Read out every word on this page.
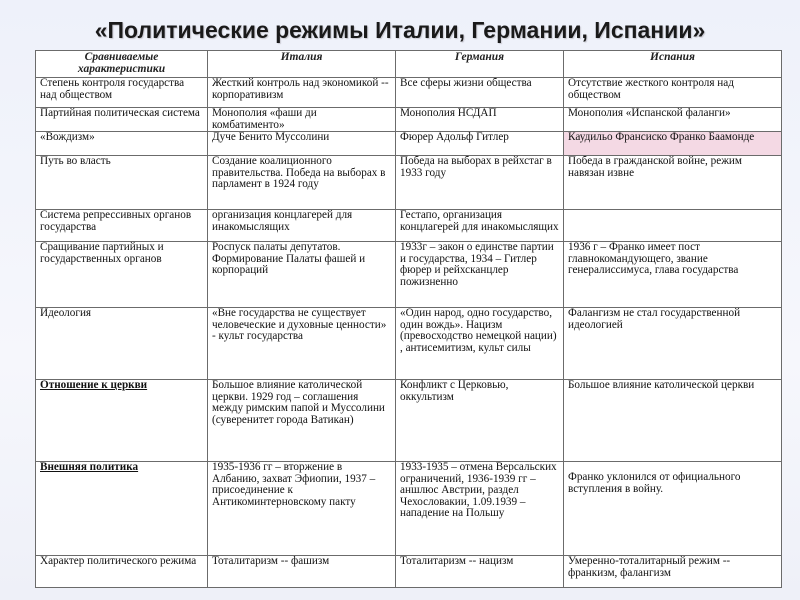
«Политические режимы Италии, Германии, Испании»
Сравниваемые характеристики	Италия	Германия	Испания
Степень контроля государства над обществом	Жесткий контроль над экономикой -- корпоративизм	Все сферы жизни общества	Отсутствие жесткого контроля над обществом
Партийная политическая система	Монополия «фаши ди комбатименто»	Монополия НСДАП	Монополия «Испанской фаланги»
«Вождизм»	Дуче Бенито Муссолини	Фюрер Адольф Гитлер	Каудильо Франсиско Франко Баамонде
Путь во власть	Создание коалиционного правительства. Победа на выборах в парламент в 1924 году	Победа на выборах в рейхстаг в 1933 году	Победа в гражданской войне, режим навязан извне
Система репрессивных органов государства	организация концлагерей для инакомыслящих	Гестапо, организация концлагерей для инакомыслящих	
Сращивание партийных и государственных органов	Роспуск палаты депутатов. Формирование Палаты фашей и корпораций	1933г – закон о единстве партии и государства, 1934 – Гитлер фюрер и рейхсканцлер пожизненно	1936 г – Франко имеет пост главнокомандующего, звание генералиссимуса, глава государства
Идеология	«Вне государства не существует человеческие и духовные ценности» - культ государства	«Один народ, одно государство, один вождь». Нацизм (превосходство немецкой нации) , антисемитизм, культ силы	Фалангизм не стал государственной идеологией
Отношение к церкви	Большое влияние католической церкви. 1929 год – соглашения между римским папой и Муссолини (суверенитет города Ватикан)	Конфликт с Церковью, оккультизм	Большое влияние католической церкви
Внешняя политика	1935-1936 гг – вторжение в Албанию, захват Эфиопии, 1937 – присоединение к Антикоминтерновскому пакту	1933-1935 – отмена Версальских ограничений, 1936-1939 гг – аншлюс Австрии, раздел Чехословакии, 1.09.1939 – нападение на Польшу	Франко уклонился от официального вступления в войну.
Характер политического режима	Тоталитаризм -- фашизм	Тоталитаризм -- нацизм	Умеренно-тоталитарный режим -- франкизм, фалангизм
